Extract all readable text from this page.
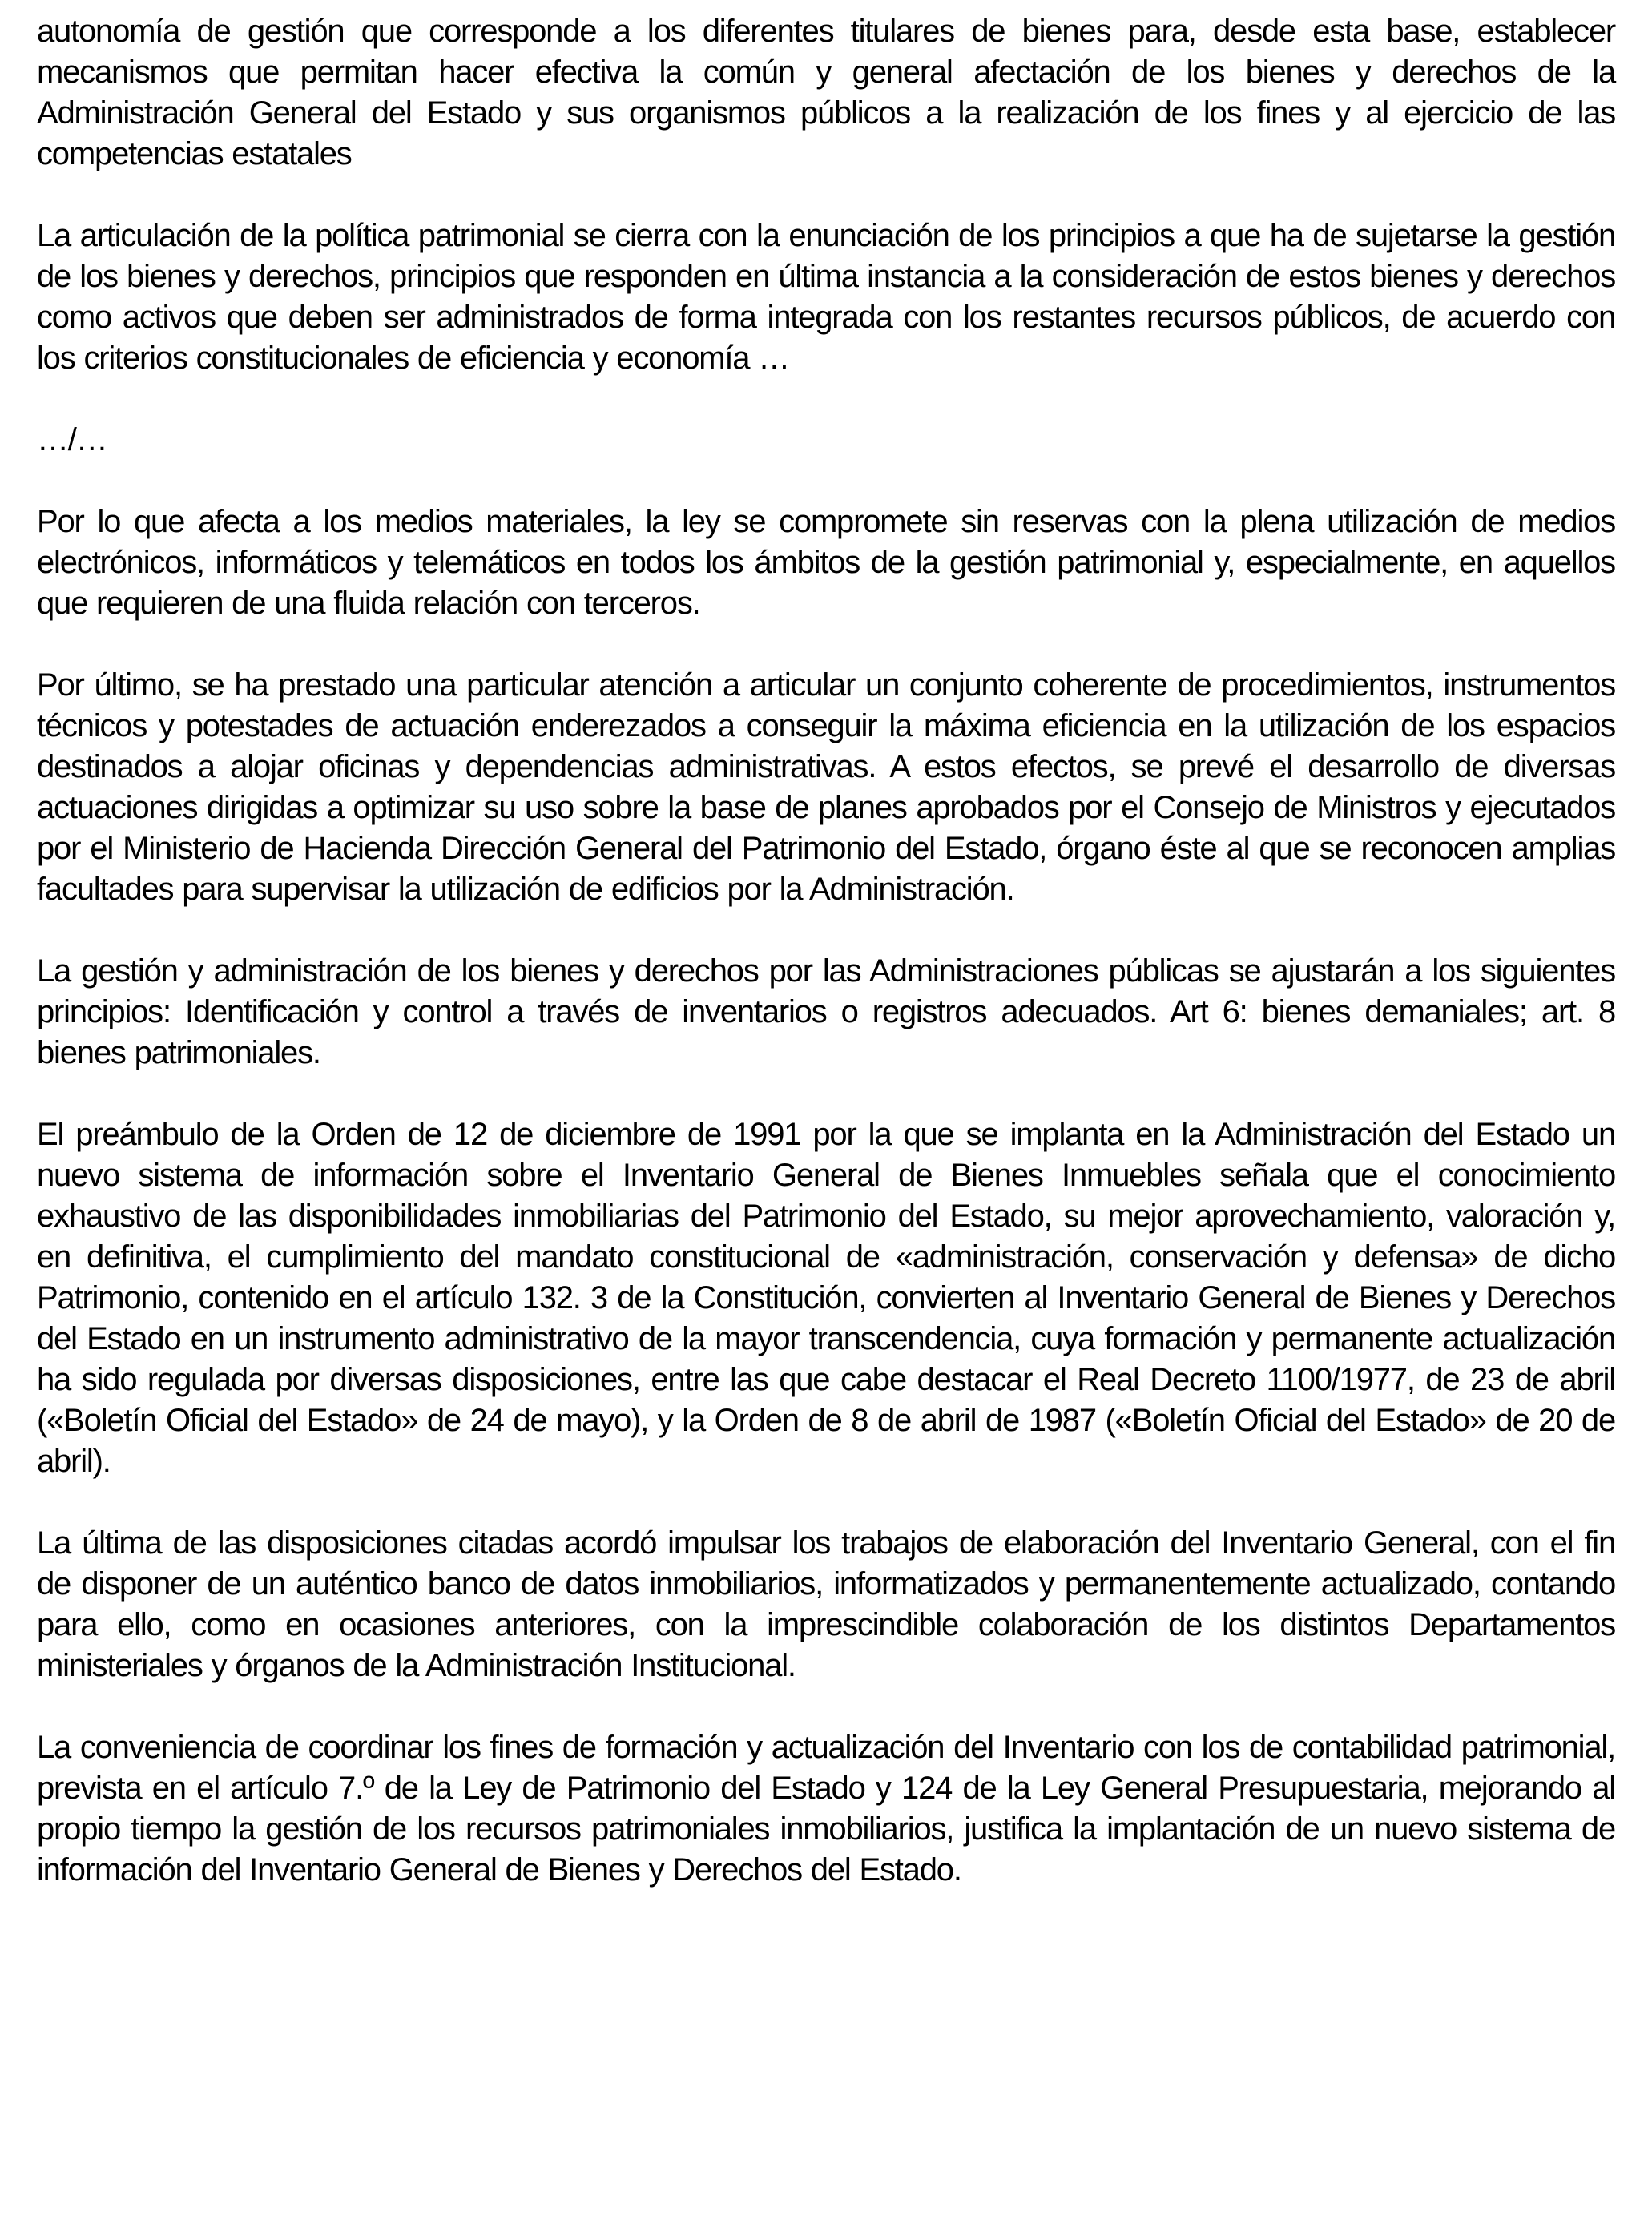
autonomía de gestión que corresponde a los diferentes titulares de bienes para, desde esta base, establecer mecanismos que permitan hacer efectiva la común y general afectación de los bienes y derechos de la Administración General del Estado y sus organismos públicos a la realización de los fines y al ejercicio de las competencias estatales

La articulación de la política patrimonial se cierra con la enunciación de los principios a que ha de sujetarse la gestión de los bienes y derechos, principios que responden en última instancia a la consideración de estos bienes y derechos como activos que deben ser administrados de forma integrada con los restantes recursos públicos, de acuerdo con los criterios constitucionales de eficiencia y economía …

…/…

Por lo que afecta a los medios materiales, la ley se compromete sin reservas con la plena utilización de medios electrónicos, informáticos y telemáticos en todos los ámbitos de la gestión patrimonial y, especialmente, en aquellos que requieren de una fluida relación con terceros.

Por último, se ha prestado una particular atención a articular un conjunto coherente de procedimientos, instrumentos técnicos y potestades de actuación enderezados a conseguir la máxima eficiencia en la utilización de los espacios destinados a alojar oficinas y dependencias administrativas. A estos efectos, se prevé el desarrollo de diversas actuaciones dirigidas a optimizar su uso sobre la base de planes aprobados por el Consejo de Ministros y ejecutados por el Ministerio de Hacienda Dirección General del Patrimonio del Estado, órgano éste al que se reconocen amplias facultades para supervisar la utilización de edificios por la Administración.

La gestión y administración de los bienes y derechos por las Administraciones públicas se ajustarán a los siguientes principios: Identificación y control a través de inventarios o registros adecuados. Art 6: bienes demaniales; art. 8 bienes patrimoniales.

El preámbulo de la Orden de 12 de diciembre de 1991 por la que se implanta en la Administración del Estado un nuevo sistema de información sobre el Inventario General de Bienes Inmuebles señala que el conocimiento exhaustivo de las disponibilidades inmobiliarias del Patrimonio del Estado, su mejor aprovechamiento, valoración y, en definitiva, el cumplimiento del mandato constitucional de «administración, conservación y defensa» de dicho Patrimonio, contenido en el artículo 132. 3 de la Constitución, convierten al Inventario General de Bienes y Derechos del Estado en un instrumento administrativo de la mayor transcendencia, cuya formación y permanente actualización ha sido regulada por diversas disposiciones, entre las que cabe destacar el Real Decreto 1100/1977, de 23 de abril («Boletín Oficial del Estado» de 24 de mayo), y la Orden de 8 de abril de 1987 («Boletín Oficial del Estado» de 20 de abril).

La última de las disposiciones citadas acordó impulsar los trabajos de elaboración del Inventario General, con el fin de disponer de un auténtico banco de datos inmobiliarios, informatizados y permanentemente actualizado, contando para ello, como en ocasiones anteriores, con la imprescindible colaboración de los distintos Departamentos ministeriales y órganos de la Administración Institucional.

La conveniencia de coordinar los fines de formación y actualización del Inventario con los de contabilidad patrimonial, prevista en el artículo 7.º de la Ley de Patrimonio del Estado y 124 de la Ley General Presupuestaria, mejorando al propio tiempo la gestión de los recursos patrimoniales inmobiliarios, justifica la implantación de un nuevo sistema de información del Inventario General de Bienes y Derechos del Estado.
